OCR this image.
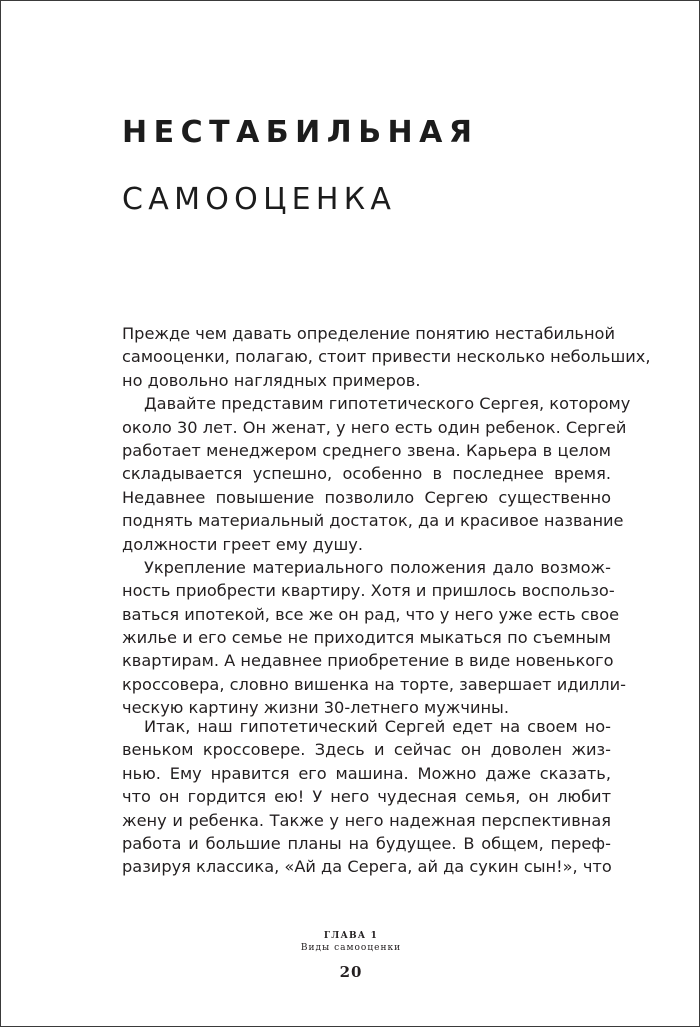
НЕСТАБИЛЬНАЯ
САМООЦЕНКА
Прежде чем давать определение понятию нестабильной
самооценки, полагаю, стоит привести несколько небольших,
но довольно наглядных примеров.
Давайте представим гипотетического Сергея, которому
около 30 лет. Он женат, у него есть один ребенок. Сергей
работает менеджером среднего звена. Карьера в целом
складывается успешно, особенно в последнее время.
Недавнее повышение позволило Сергею существенно
поднять материальный достаток, да и красивое название
должности греет ему душу.
Укрепление материального положения дало возмож-
ность приобрести квартиру. Хотя и пришлось воспользо-
ваться ипотекой, все же он рад, что у него уже есть свое
жилье и его семье не приходится мыкаться по съемным
квартирам. А недавнее приобретение в виде новенького
кроссовера, словно вишенка на торте, завершает идилли-
ческую картину жизни 30-летнего мужчины.
Итак, наш гипотетический Сергей едет на своем но-
веньком кроссовере. Здесь и сейчас он доволен жиз-
нью. Ему нравится его машина. Можно даже сказать,
что он гордится ею! У него чудесная семья, он любит
жену и ребенка. Также у него надежная перспективная
работа и большие планы на будущее. В общем, переф-
разируя классика, «Ай да Серега, ай да сукин сын!», что
ГЛАВА 1
Виды самооценки
20
